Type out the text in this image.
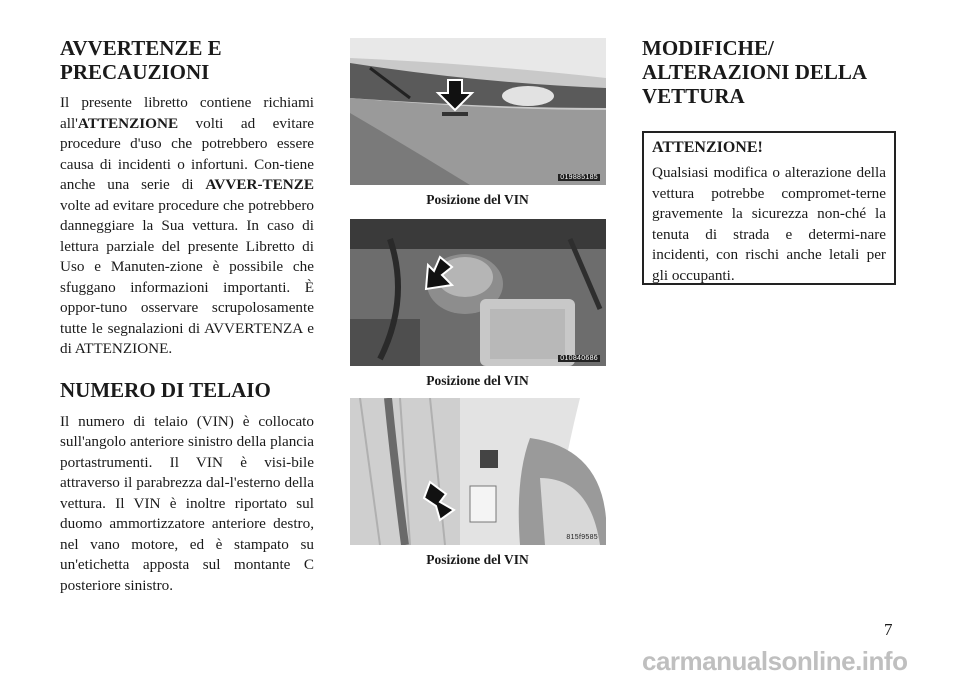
AVVERTENZE E
PRECAUZIONI

Il presente libretto contiene richiami all'ATTENZIONE volti ad evitare procedure d'uso che potrebbero essere causa di incidenti o infortuni. Con-tiene anche una serie di AVVER-TENZE volte ad evitare procedure che potrebbero danneggiare la Sua vettura. In caso di lettura parziale del presente Libretto di Uso e Manuten-zione è possibile che sfuggano informazioni importanti. È oppor-tuno osservare scrupolosamente tutte le segnalazioni di AVVERTENZA e di ATTENZIONE.

NUMERO DI TELAIO

Il numero di telaio (VIN) è collocato sull'angolo anteriore sinistro della plancia portastrumenti. Il VIN è visi-bile attraverso il parabrezza dal-l'esterno della vettura. Il VIN è inoltre riportato sul duomo ammortizzatore anteriore destro, nel vano motore, ed è stampato su un'etichetta apposta sul montante C posteriore sinistro.

019885185
Posizione del VIN
010840686
Posizione del VIN
815f9585
Posizione del VIN
MODIFICHE/
ALTERAZIONI DELLA
VETTURA
ATTENZIONE!

Qualsiasi modifica o alterazione della vettura potrebbe compromet-terne gravemente la sicurezza non-ché la tenuta di strada e determi-nare incidenti, con rischi anche letali per gli occupanti.

7
carmanualsonline.info
